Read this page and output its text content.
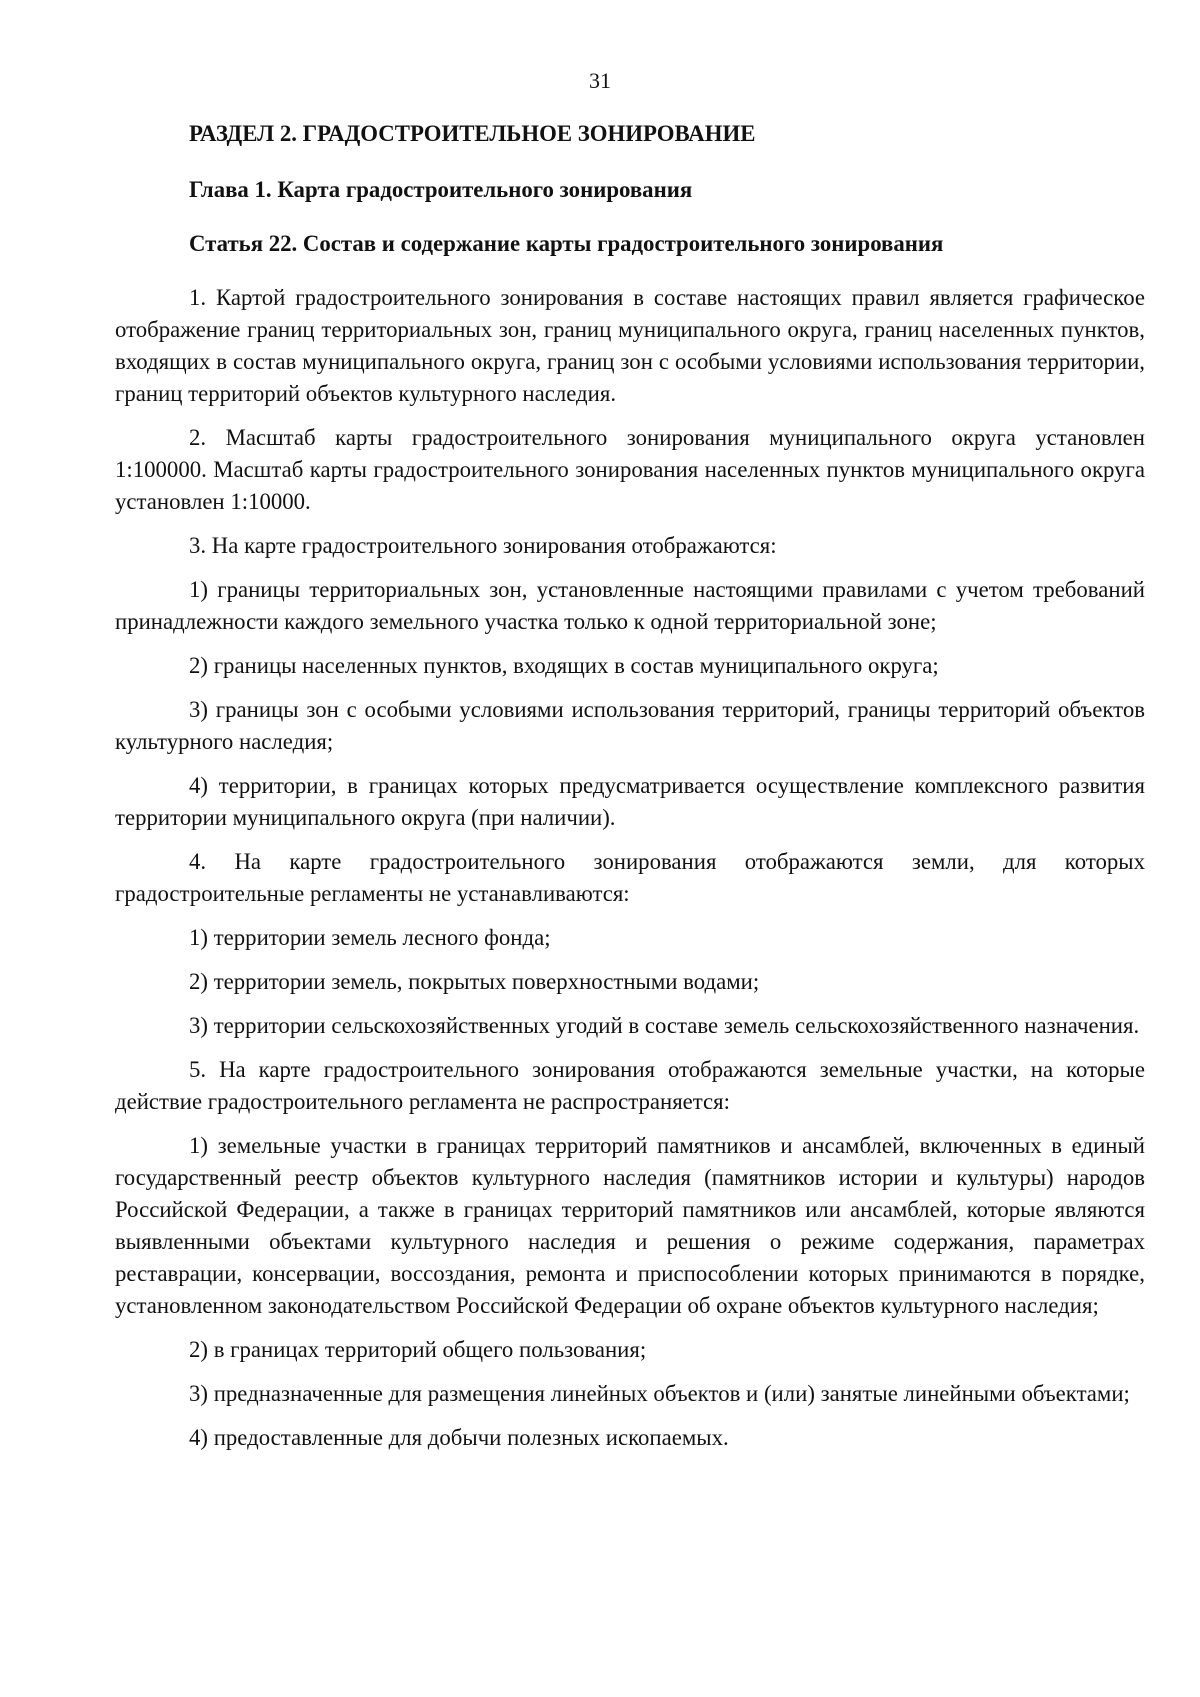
31
РАЗДЕЛ 2. ГРАДОСТРОИТЕЛЬНОЕ ЗОНИРОВАНИЕ
Глава 1. Карта градостроительного зонирования
Статья 22. Состав и содержание карты градостроительного зонирования

1. Картой градостроительного зонирования в составе настоящих правил является графическое отображение границ территориальных зон, границ муниципального округа, границ населенных пунктов, входящих в состав муниципального округа, границ зон с особыми условиями использования территории, границ территорий объектов культурного наследия.

2. Масштаб карты градостроительного зонирования муниципального округа установлен 1:100000. Масштаб карты градостроительного зонирования населенных пунктов муниципального округа установлен 1:10000.

3. На карте градостроительного зонирования отображаются:

1) границы территориальных зон, установленные настоящими правилами с учетом требований принадлежности каждого земельного участка только к одной территориальной зоне;

2) границы населенных пунктов, входящих в состав муниципального округа;

3) границы зон с особыми условиями использования территорий, границы территорий объектов культурного наследия;

4) территории, в границах которых предусматривается осуществление комплексного развития территории муниципального округа (при наличии).

4. На карте градостроительного зонирования отображаются земли, для которых градостроительные регламенты не устанавливаются:

1) территории земель лесного фонда;

2) территории земель, покрытых поверхностными водами;

3) территории сельскохозяйственных угодий в составе земель сельскохозяйственного назначения.

5. На карте градостроительного зонирования отображаются земельные участки, на которые действие градостроительного регламента не распространяется:

1) земельные участки в границах территорий памятников и ансамблей, включенных в единый государственный реестр объектов культурного наследия (памятников истории и культуры) народов Российской Федерации, а также в границах территорий памятников или ансамблей, которые являются выявленными объектами культурного наследия и решения о режиме содержания, параметрах реставрации, консервации, воссоздания, ремонта и приспособлении которых принимаются в порядке, установленном законодательством Российской Федерации об охране объектов культурного наследия;

2) в границах территорий общего пользования;

3) предназначенные для размещения линейных объектов и (или) занятые линейными объектами;

4) предоставленные для добычи полезных ископаемых.
